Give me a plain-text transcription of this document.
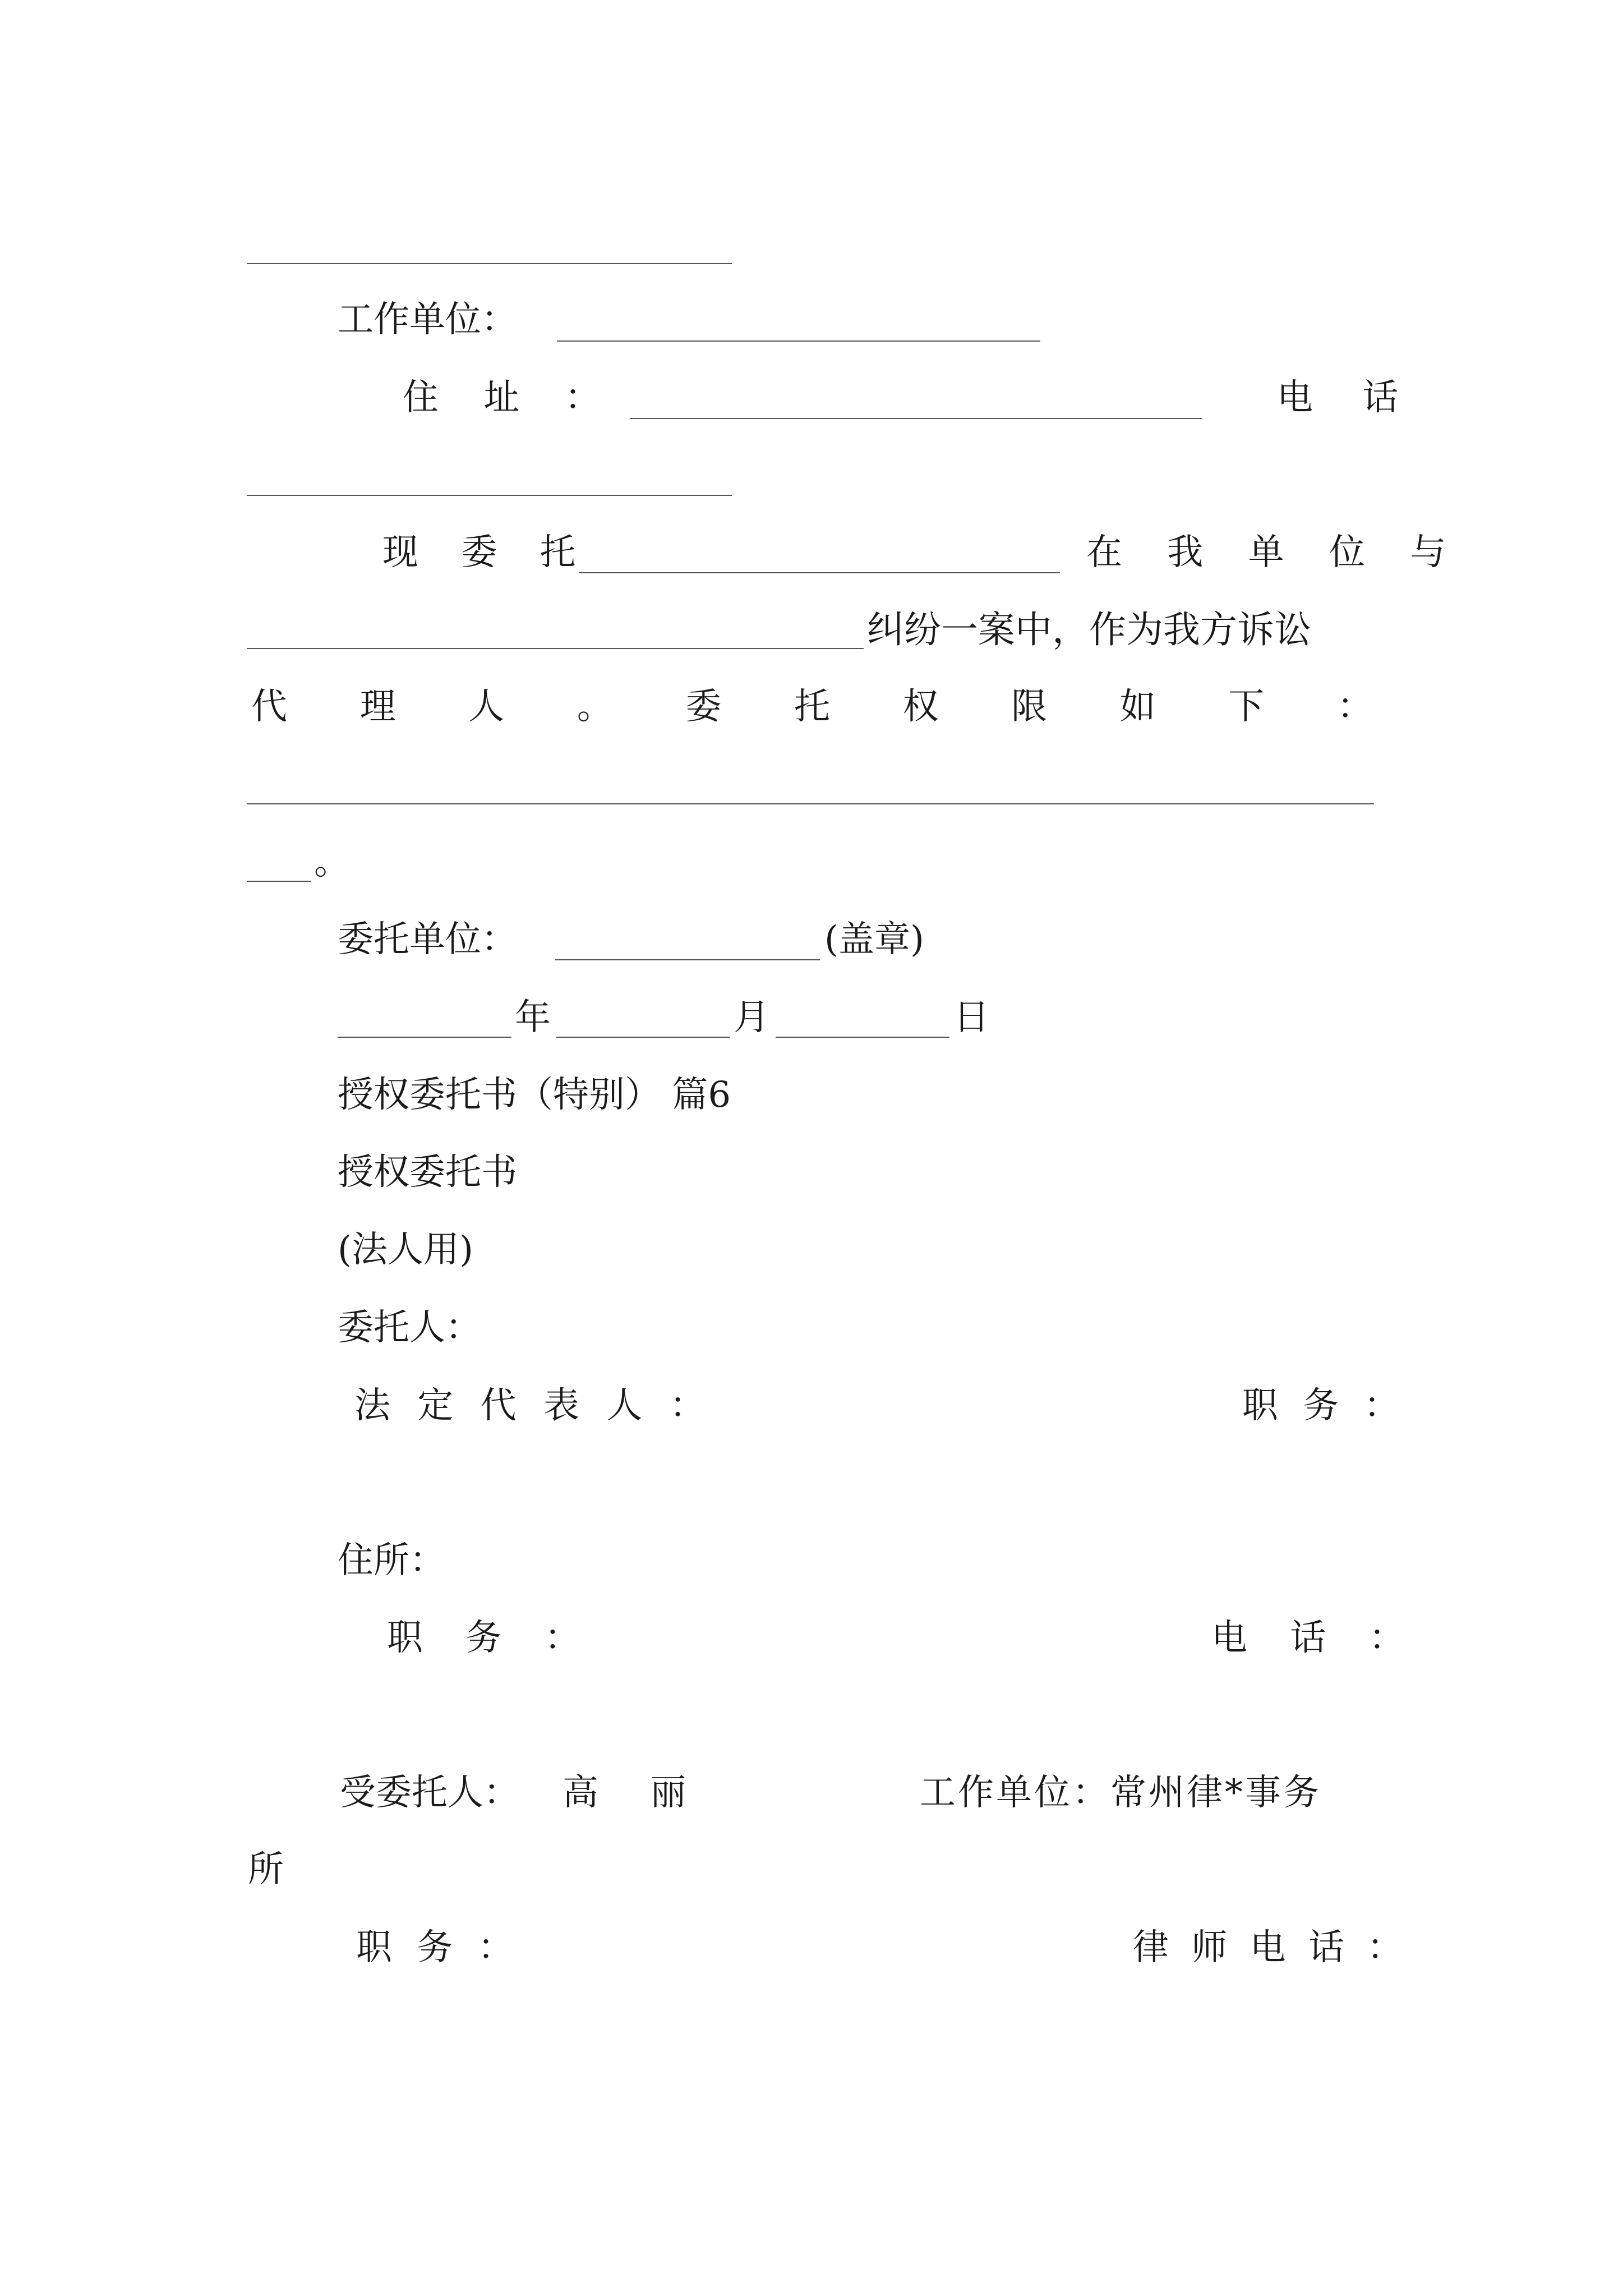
工作单位：
住 址 ：	电 话
现 委 托	在 我 单 位 与
纠纷一案中，作为我方诉讼
代 理 人 。 委 托 权 限 如 下 ：
。
委托单位：	(盖章)
年	月	日
授权委托书（特别） 篇6
授权委托书
(法人用)
委托人：
法 定 代 表 人 ：	职 务 ：
住所：
职 务 ：	电 话 ：
受委托人： 高 丽	工作单位：常州律*事务
所
职 务 ：	律 师 电 话 ：
